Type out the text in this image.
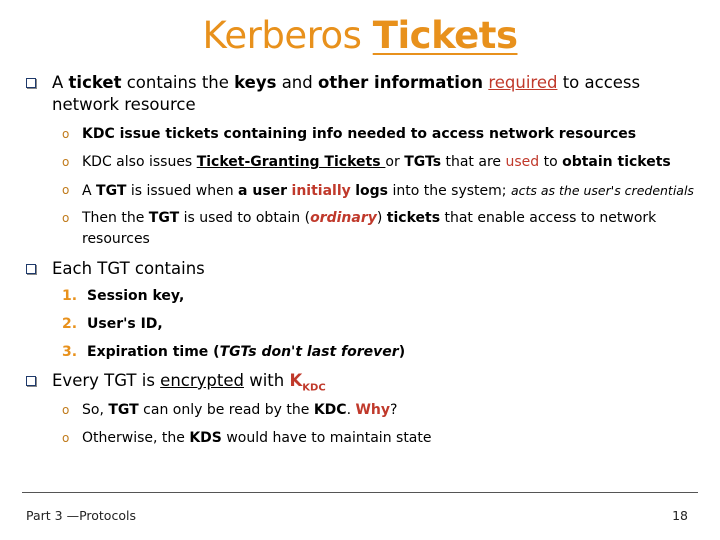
Kerberos Tickets
A ticket contains the keys and other information required to access network resource
o KDC issue tickets containing info needed to access network resources
o KDC also issues Ticket-Granting Tickets or TGTs that are used to obtain tickets
o A TGT is issued when a user initially logs into the system; acts as the user's credentials
o Then the TGT is used to obtain (ordinary) tickets that enable access to network resources
Each TGT contains
1. Session key,
2. User's ID,
3. Expiration time (TGTs don't last forever)
Every TGT is encrypted with $K_{KDC}$
o So, TGT can only be read by the KDC. Why?
o Otherwise, the KDS would have to maintain state
Part 3 —Protocols	18
